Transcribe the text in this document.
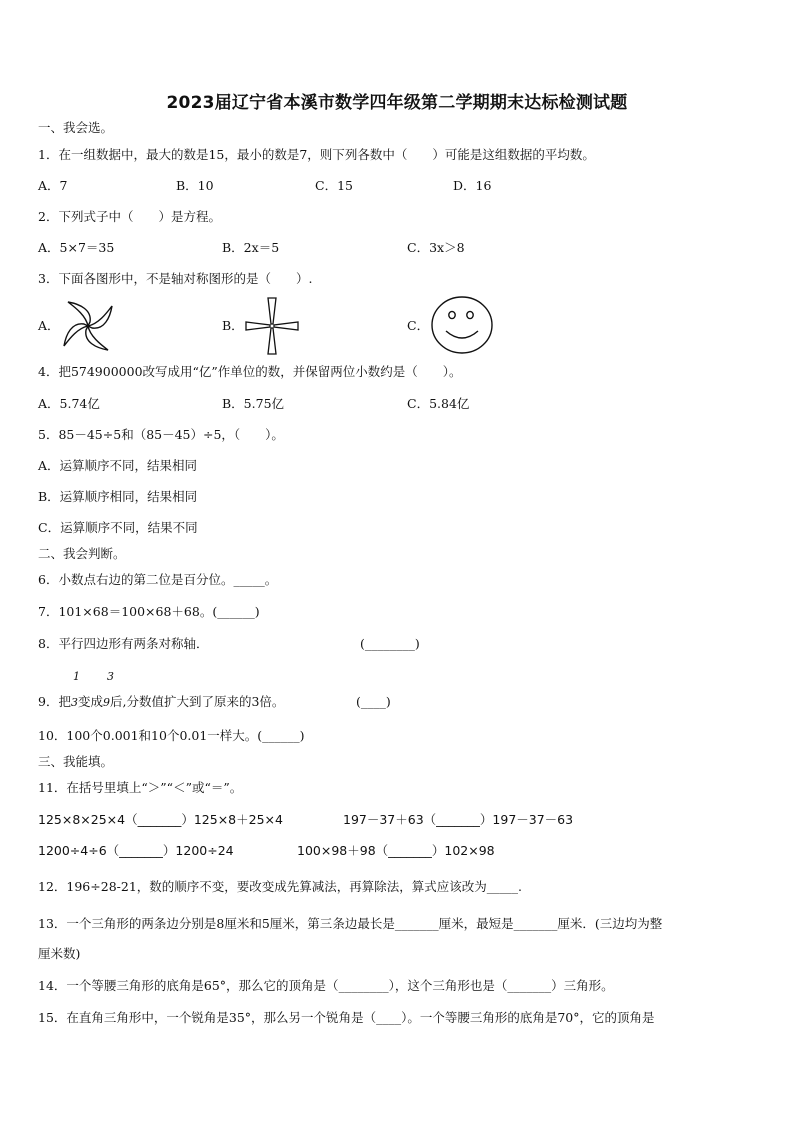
2023届辽宁省本溪市数学四年级第二学期期末达标检测试题
一、我会选。
1．在一组数据中，最大的数是15，最小的数是7，则下列各数中（　　）可能是这组数据的平均数。
A．7	B．10	C．15	D．16
2．下列式子中（　　）是方程。
A．5×7＝35	B．2x＝5	C．3x＞8
3．下面各图形中，不是轴对称图形的是（　　）.
A．	B．	C．
4．把574900000改写成用“亿”作单位的数，并保留两位小数约是（　　）。
A．5.74亿	B．5.75亿	C．5.84亿
5．85－45÷5和（85－45）÷5，（　　）。
A．运算顺序不同，结果相同
B．运算顺序相同，结果相同
C．运算顺序不同，结果不同
二、我会判断。
6．小数点右边的第二位是百分位。_____。
7．101×68＝100×68＋68。(______)
8．平行四边形有两条对称轴．	(________)
1 3
9．把3变成9后,分数值扩大到了原来的3倍。	(____)
10．100个0.001和10个0.01一样大。(______)
三、我能填。
11．在括号里填上“＞”“＜”或“＝”。
125×8×25×4（_______）125×8＋25×4	197－37＋63（_______）197－37－63
1200÷4÷6（_______）1200÷24	100×98＋98（_______）102×98
12．196÷28-21，数的顺序不变，要改变成先算减法，再算除法，算式应该改为_____.
13．一个三角形的两条边分别是8厘米和5厘米，第三条边最长是_______厘米，最短是_______厘米．(三边均为整
厘米数)
14．一个等腰三角形的底角是65°，那么它的顶角是（________），这个三角形也是（_______）三角形。
15．在直角三角形中，一个锐角是35°，那么另一个锐角是（____）。一个等腰三角形的底角是70°，它的顶角是
